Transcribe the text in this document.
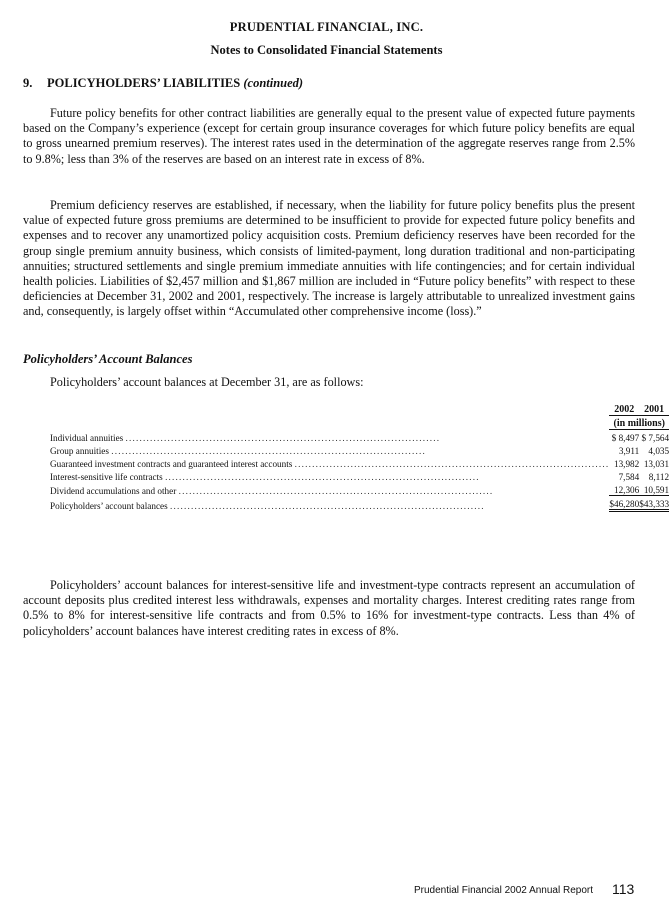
PRUDENTIAL FINANCIAL, INC.
Notes to Consolidated Financial Statements
9. POLICYHOLDERS’ LIABILITIES (continued)

Future policy benefits for other contract liabilities are generally equal to the present value of expected future payments based on the Company’s experience (except for certain group insurance coverages for which future policy benefits are equal to gross unearned premium reserves). The interest rates used in the determination of the aggregate reserves range from 2.5% to 9.8%; less than 3% of the reserves are based on an interest rate in excess of 8%.

Premium deficiency reserves are established, if necessary, when the liability for future policy benefits plus the present value of expected future gross premiums are determined to be insufficient to provide for expected future policy benefits and expenses and to recover any unamortized policy acquisition costs. Premium deficiency reserves have been recorded for the group single premium annuity business, which consists of limited-payment, long duration traditional and non-participating annuities; structured settlements and single premium immediate annuities with life contingencies; and for certain individual health policies. Liabilities of $2,457 million and $1,867 million are included in “Future policy benefits” with respect to these deficiencies at December 31, 2002 and 2001, respectively. The increase is largely attributable to unrealized investment gains and, consequently, is largely offset within “Accumulated other comprehensive income (loss).”

Policyholders’ Account Balances
Policyholders’ account balances at December 31, are as follows:
		2002		2001
		(in millions)	
Individual annuities ..........................................................................................		$ 8,497		$ 7,564
Group annuities ..........................................................................................		3,911		4,035
Guaranteed investment contracts and guaranteed interest accounts ..........................................................................................		13,982		13,031
Interest-sensitive life contracts ..........................................................................................		7,584		8,112
Dividend accumulations and other ..........................................................................................		12,306		10,591
Policyholders’ account balances ..........................................................................................		$46,280		$43,333

Policyholders’ account balances for interest-sensitive life and investment-type contracts represent an accumulation of account deposits plus credited interest less withdrawals, expenses and mortality charges. Interest crediting rates range from 0.5% to 8% for interest-sensitive life contracts and from 0.5% to 16% for investment-type contracts. Less than 4% of policyholders’ account balances have interest crediting rates in excess of 8%.

Prudential Financial 2002 Annual Report 113
